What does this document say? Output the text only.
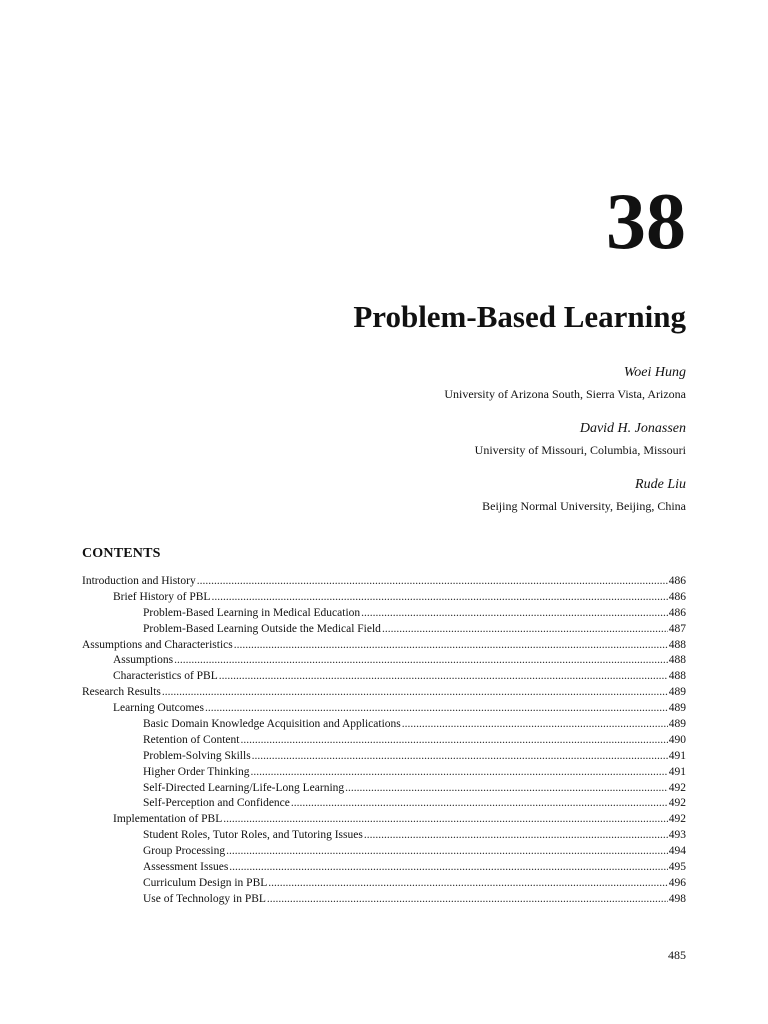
38
Problem-Based Learning
Woei Hung
University of Arizona South, Sierra Vista, Arizona
David H. Jonassen
University of Missouri, Columbia, Missouri
Rude Liu
Beijing Normal University, Beijing, China
CONTENTS
Introduction and History .....	486
Brief History of PBL .....	486
Problem-Based Learning in Medical Education .....	486
Problem-Based Learning Outside the Medical Field .....	487
Assumptions and Characteristics .....	488
Assumptions .....	488
Characteristics of PBL .....	488
Research Results .....	489
Learning Outcomes .....	489
Basic Domain Knowledge Acquisition and Applications .....	489
Retention of Content .....	490
Problem-Solving Skills .....	491
Higher Order Thinking .....	491
Self-Directed Learning/Life-Long Learning .....	492
Self-Perception and Confidence .....	492
Implementation of PBL .....	492
Student Roles, Tutor Roles, and Tutoring Issues .....	493
Group Processing .....	494
Assessment Issues .....	495
Curriculum Design in PBL .....	496
Use of Technology in PBL .....	498
485
